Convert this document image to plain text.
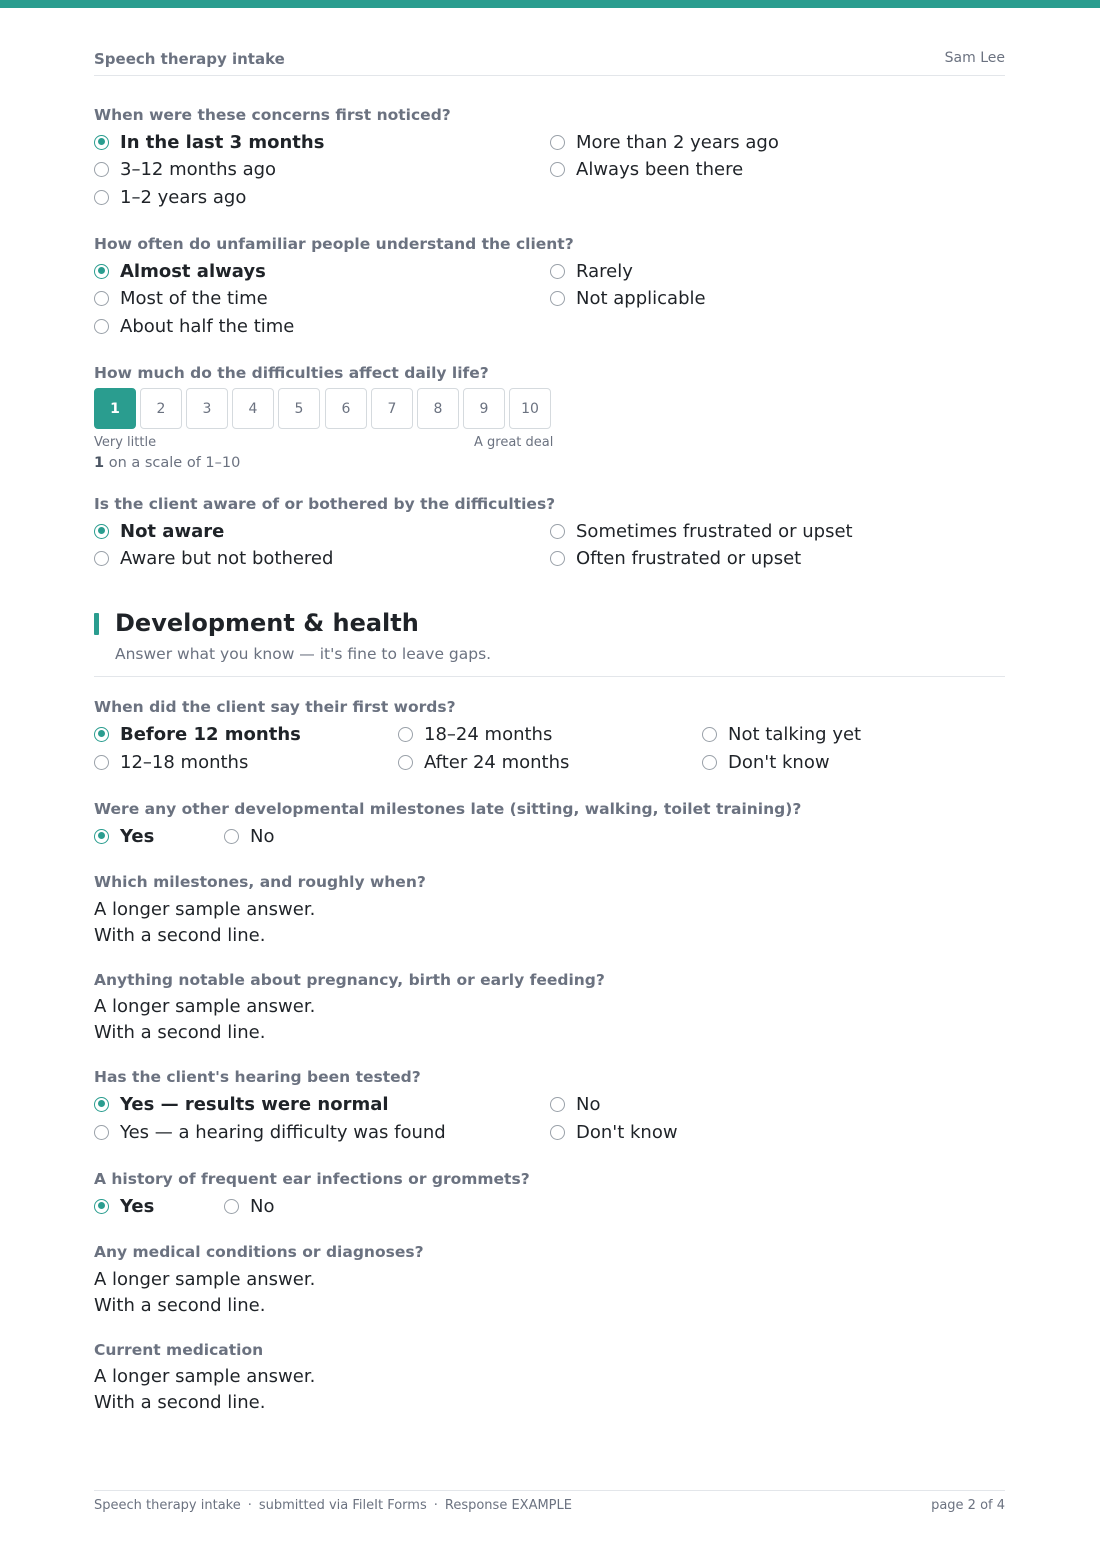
Speech therapy intake	Sam Lee
When were these concerns first noticed?
In the last 3 months
3–12 months ago
1–2 years ago
More than 2 years ago
Always been there
How often do unfamiliar people understand the client?
Almost always
Most of the time
About half the time
Rarely
Not applicable
How much do the difficulties affect daily life?
1	2	3	4	5	6	7	8	9	10
Very little	A great deal
1 on a scale of 1–10
Is the client aware of or bothered by the difficulties?
Not aware
Aware but not bothered
Sometimes frustrated or upset
Often frustrated or upset
Development & health
Answer what you know — it's fine to leave gaps.
When did the client say their first words?
Before 12 months
12–18 months
18–24 months
After 24 months
Not talking yet
Don't know
Were any other developmental milestones late (sitting, walking, toilet training)?
Yes	No
Which milestones, and roughly when?
A longer sample answer.
With a second line.
Anything notable about pregnancy, birth or early feeding?
A longer sample answer.
With a second line.
Has the client's hearing been tested?
Yes — results were normal
Yes — a hearing difficulty was found
No
Don't know
A history of frequent ear infections or grommets?
Yes	No
Any medical conditions or diagnoses?
A longer sample answer.
With a second line.
Current medication
A longer sample answer.
With a second line.
Speech therapy intake · submitted via FileIt Forms · Response EXAMPLE	page 2 of 4
